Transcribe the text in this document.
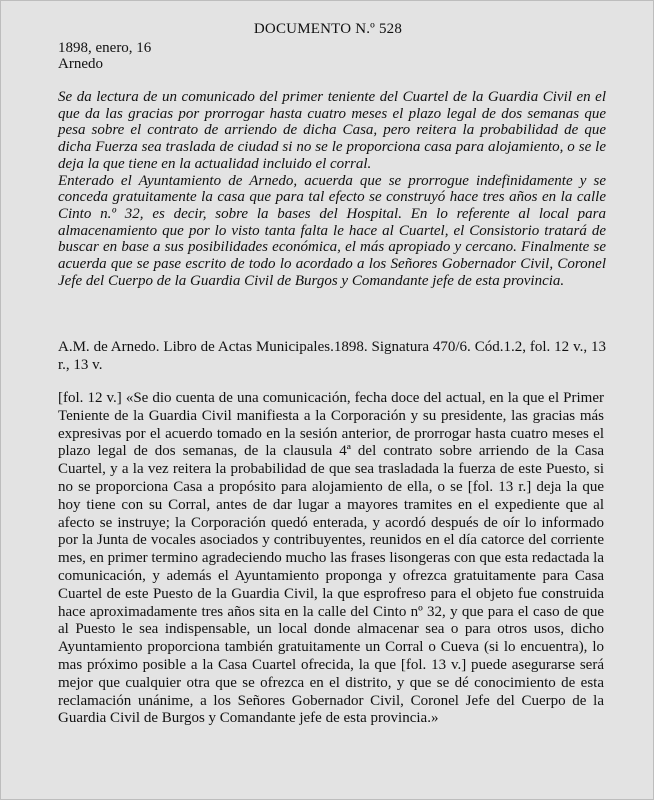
DOCUMENTO N.º 528
1898, enero, 16
Arnedo

Se da lectura de un comunicado del primer teniente del Cuartel de la Guardia Civil en el que da las gracias por prorrogar hasta cuatro meses el plazo legal de dos semanas que pesa sobre el contrato de arriendo de dicha Casa, pero reitera la probabilidad de que dicha Fuerza sea traslada de ciudad si no se le proporciona casa para alojamiento, o se le deja la que tiene en la actualidad incluido el corral.

Enterado el Ayuntamiento de Arnedo, acuerda que se prorrogue indefinidamente y se conceda gratuitamente la casa que para tal efecto se construyó hace tres años en la calle Cinto n.º 32, es decir, sobre la bases del Hospital. En lo referente al local para almacenamiento que por lo visto tanta falta le hace al Cuartel, el Consistorio tratará de buscar en base a sus posibilidades económica, el más apropiado y cercano. Finalmente se acuerda que se pase escrito de todo lo acordado a los Señores Gobernador Civil, Coronel Jefe del Cuerpo de la Guardia Civil de Burgos y Comandante jefe de esta provincia.

A.M. de Arnedo. Libro de Actas Municipales.1898. Signatura 470/6. Cód.1.2, fol. 12 v., 13 r., 13 v.

[fol. 12 v.] «Se dio cuenta de una comunicación, fecha doce del actual, en la que el Primer Teniente de la Guardia Civil manifiesta a la Corporación y su presidente, las gracias más expresivas por el acuerdo tomado en la sesión anterior, de prorrogar hasta cuatro meses el plazo legal de dos semanas, de la clausula 4ª del contrato sobre arriendo de la Casa Cuartel, y a la vez reitera la probabilidad de que sea trasladada la fuerza de este Puesto, si no se proporciona Casa a propósito para alojamiento de ella, o se [fol. 13 r.] deja la que hoy tiene con su Corral, antes de dar lugar a mayores tramites en el expediente que al afecto se instruye; la Corporación quedó enterada, y acordó después de oír lo informado por la Junta de vocales asociados y contribuyentes, reunidos en el día catorce del corriente mes, en primer termino agradeciendo mucho las frases lisongeras con que esta redactada la comunicación, y además el Ayuntamiento proponga y ofrezca gratuitamente para Casa Cuartel de este Puesto de la Guardia Civil, la que esprofreso para el objeto fue construida hace aproximadamente tres años sita en la calle del Cinto nº 32, y que para el caso de que al Puesto le sea indispensable, un local donde almacenar sea o para otros usos, dicho Ayuntamiento proporciona también gratuitamente un Corral o Cueva (si lo encuentra), lo mas próximo posible a la Casa Cuartel ofrecida, la que [fol. 13 v.] puede asegurarse será mejor que cualquier otra que se ofrezca en el distrito, y que se dé conocimiento de esta reclamación unánime, a los Señores Gobernador Civil, Coronel Jefe del Cuerpo de la Guardia Civil de Burgos y Comandante jefe de esta provincia.»
